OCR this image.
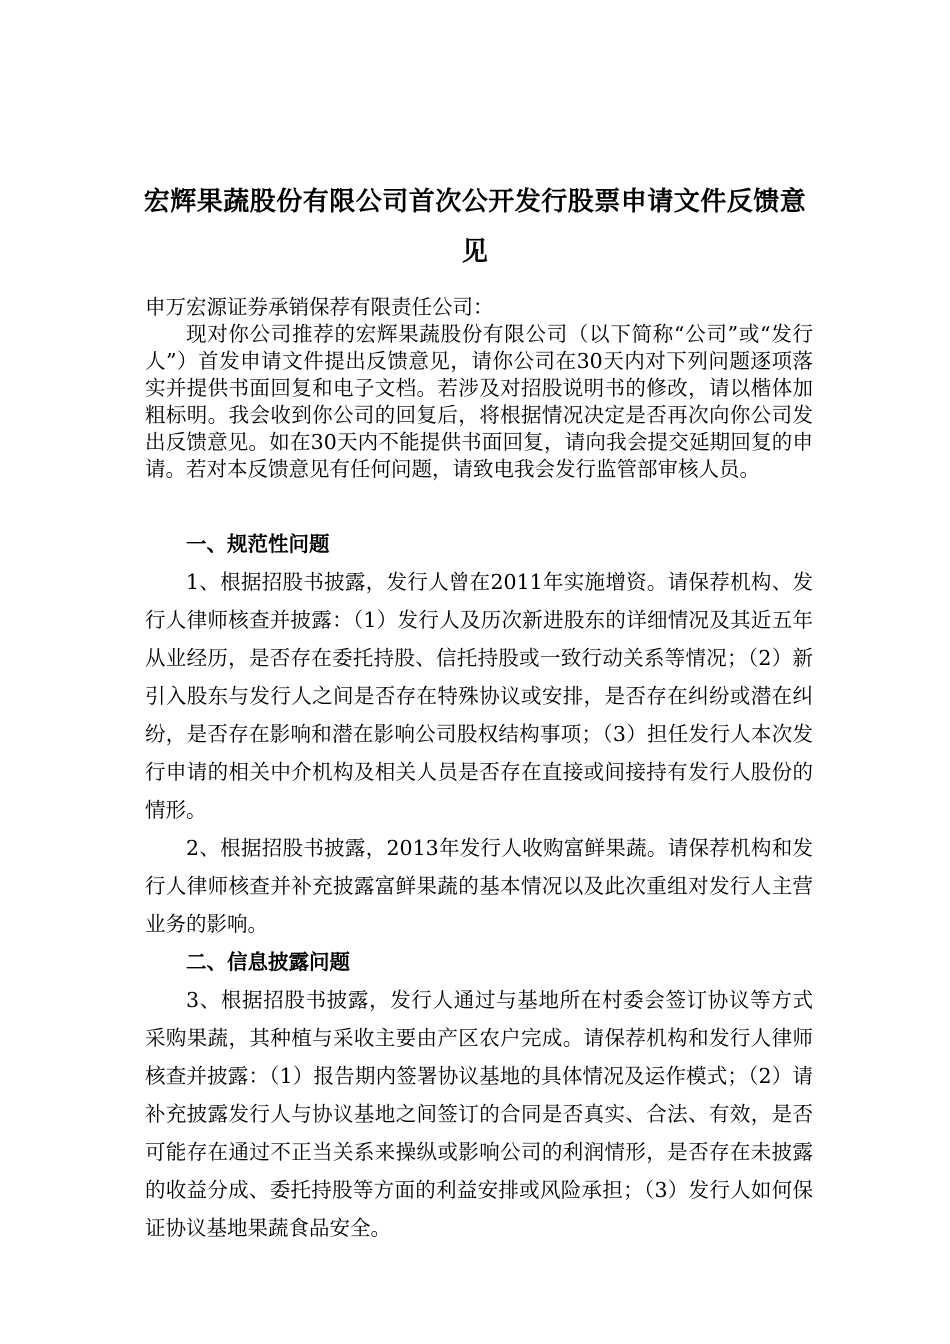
宏辉果蔬股份有限公司首次公开发行股票申请文件反馈意
见

申万宏源证券承销保荐有限责任公司：

现对你公司推荐的宏辉果蔬股份有限公司（以下简称“公司”或“发行人”）首发申请文件提出反馈意见，请你公司在30天内对下列问题逐项落实并提供书面回复和电子文档。若涉及对招股说明书的修改，请以楷体加粗标明。我会收到你公司的回复后，将根据情况决定是否再次向你公司发出反馈意见。如在30天内不能提供书面回复，请向我会提交延期回复的申请。若对本反馈意见有任何问题，请致电我会发行监管部审核人员。

一、规范性问题

1、根据招股书披露，发行人曾在2011年实施增资。请保荐机构、发行人律师核查并披露：（1）发行人及历次新进股东的详细情况及其近五年从业经历，是否存在委托持股、信托持股或一致行动关系等情况；（2）新引入股东与发行人之间是否存在特殊协议或安排，是否存在纠纷或潜在纠纷，是否存在影响和潜在影响公司股权结构事项；（3）担任发行人本次发行申请的相关中介机构及相关人员是否存在直接或间接持有发行人股份的情形。

2、根据招股书披露，2013年发行人收购富鲜果蔬。请保荐机构和发行人律师核查并补充披露富鲜果蔬的基本情况以及此次重组对发行人主营业务的影响。

二、信息披露问题

3、根据招股书披露，发行人通过与基地所在村委会签订协议等方式采购果蔬，其种植与采收主要由产区农户完成。请保荐机构和发行人律师核查并披露：（1）报告期内签署协议基地的具体情况及运作模式；（2）请补充披露发行人与协议基地之间签订的合同是否真实、合法、有效，是否可能存在通过不正当关系来操纵或影响公司的利润情形，是否存在未披露的收益分成、委托持股等方面的利益安排或风险承担；（3）发行人如何保证协议基地果蔬食品安全。
